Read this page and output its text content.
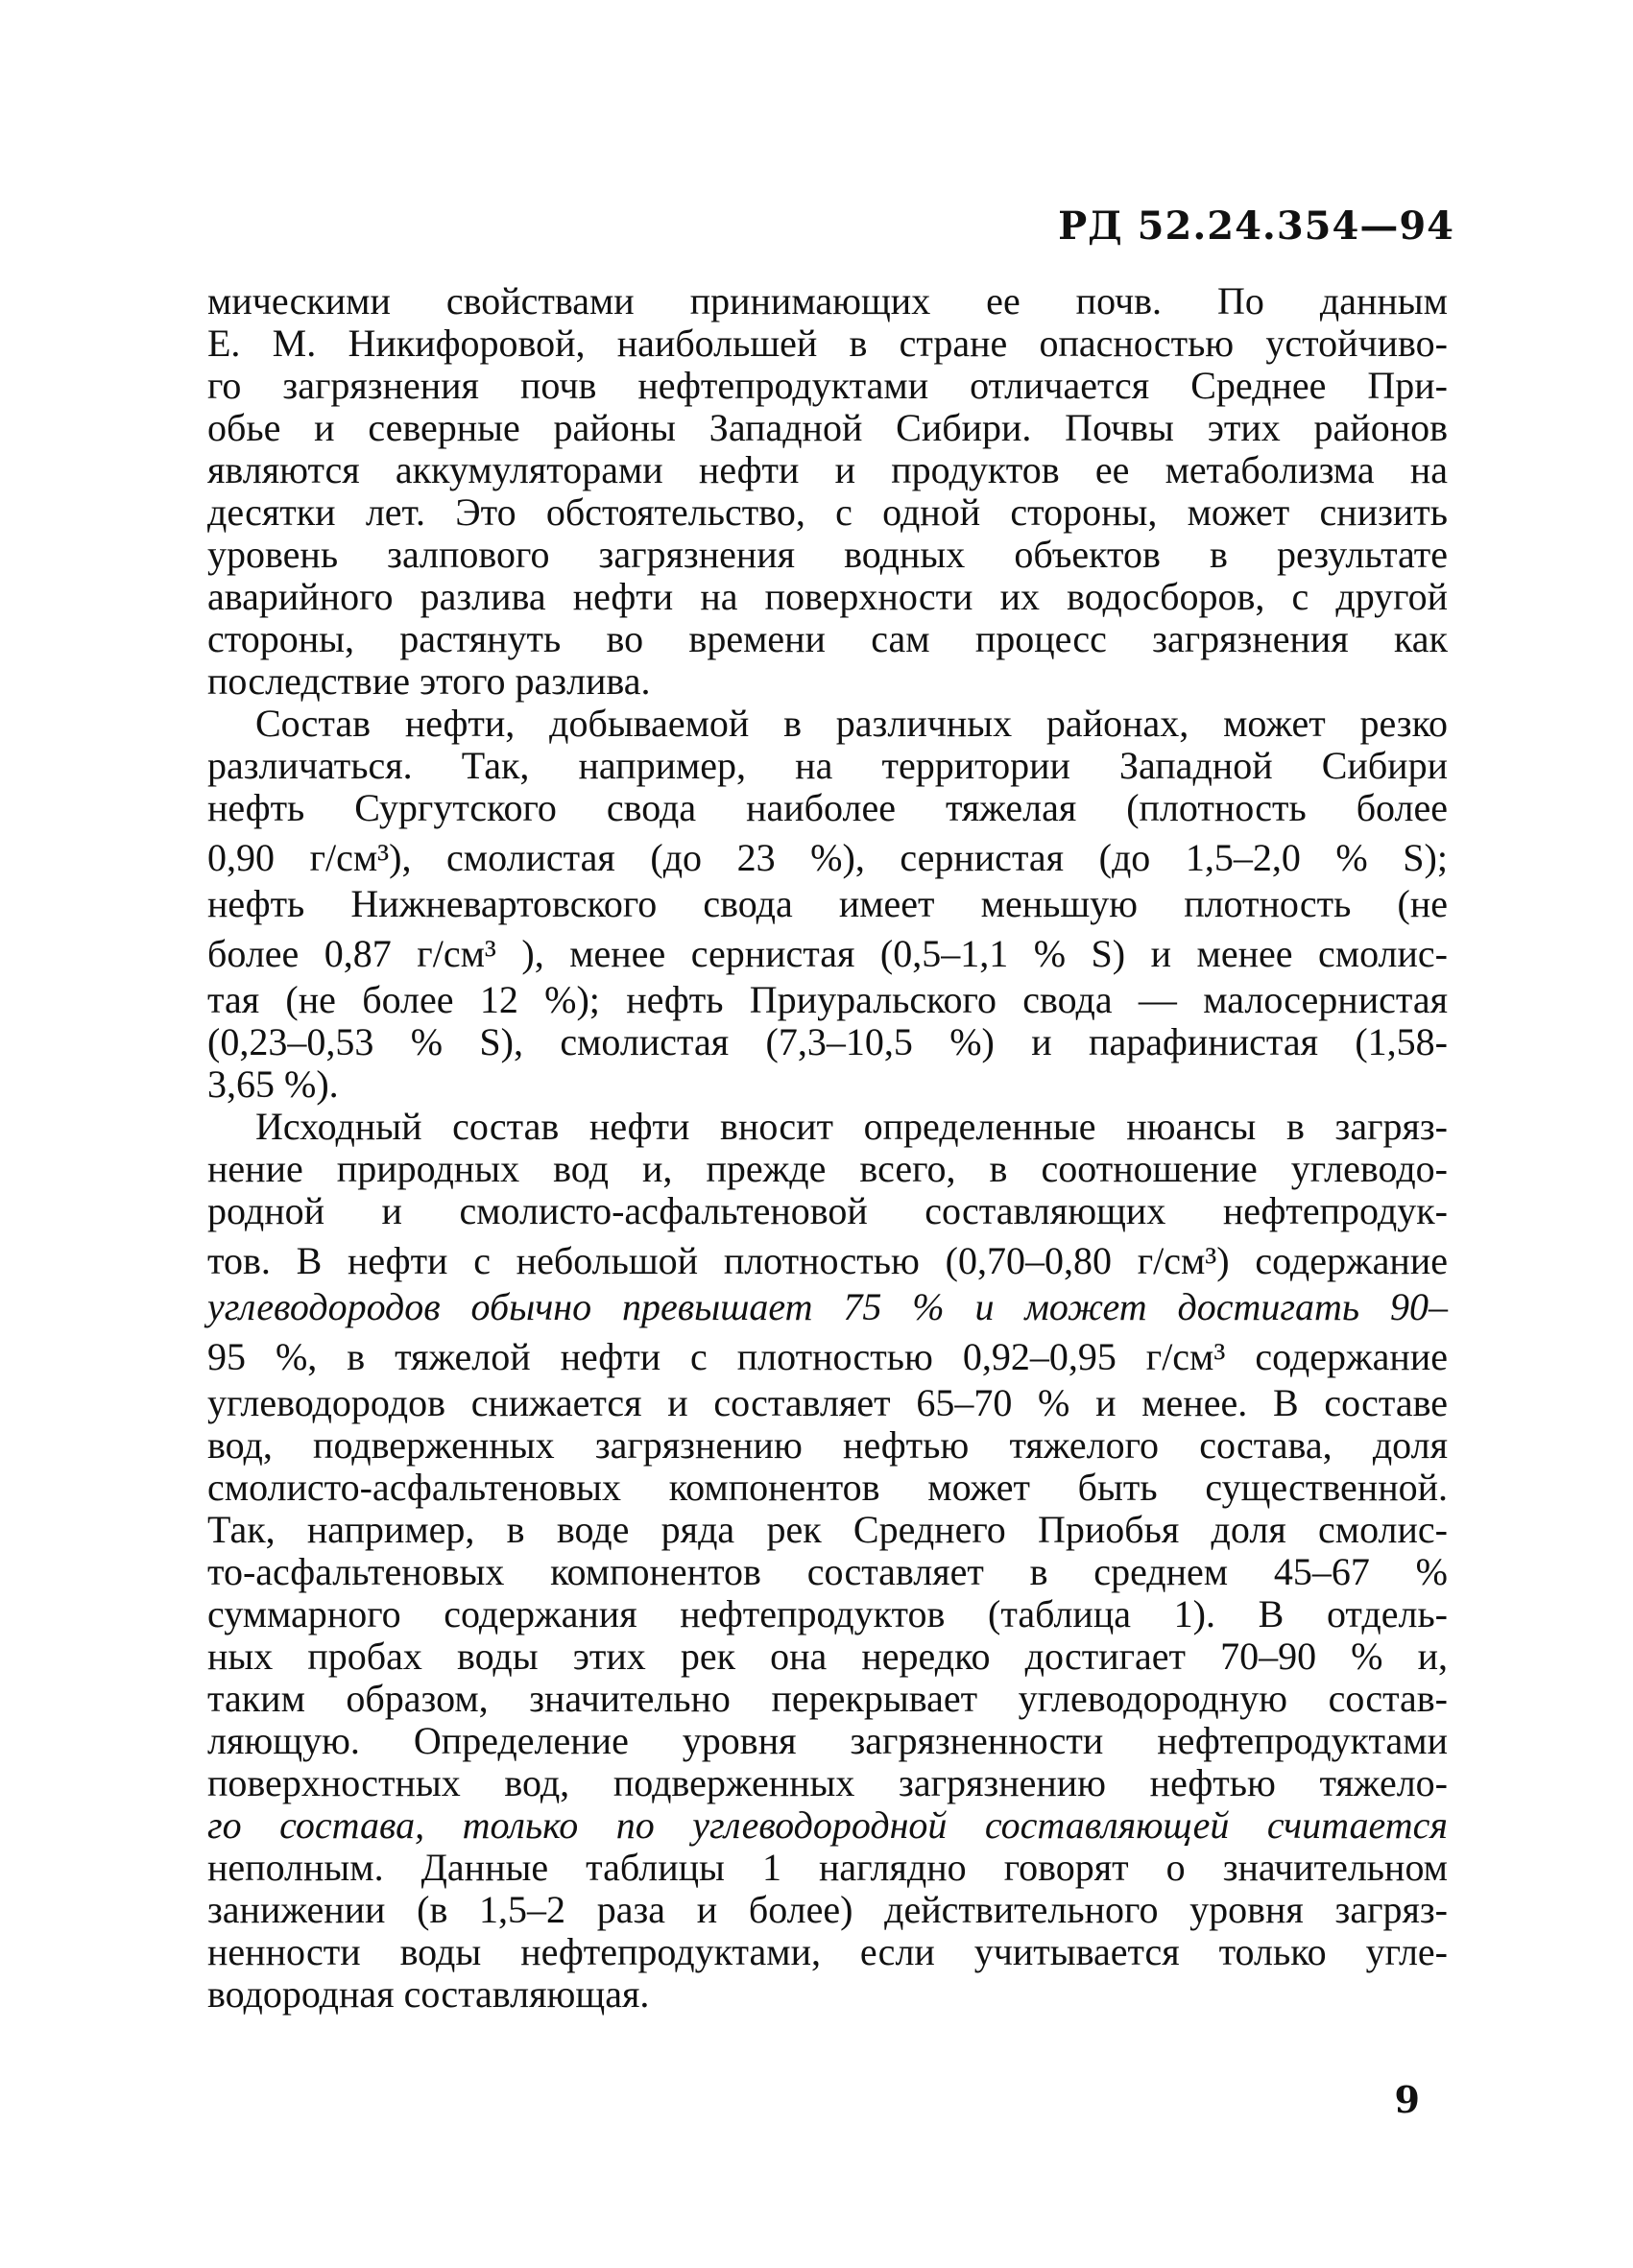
РД 52.24.354—94
мическими свойствами принимающих ее почв. По данным
Е. М. Никифоровой, наибольшей в стране опасностью устойчиво-
го загрязнения почв нефтепродуктами отличается Среднее При-
обье и северные районы Западной Сибири. Почвы этих районов
являются аккумуляторами нефти и продуктов ее метаболизма на
десятки лет. Это обстоятельство, с одной стороны, может снизить
уровень залпового загрязнения водных объектов в результате
аварийного разлива нефти на поверхности их водосборов, с другой
стороны, растянуть во времени сам процесс загрязнения как
последствие этого разлива.
Состав нефти, добываемой в различных районах, может резко
различаться. Так, например, на территории Западной Сибири
нефть Сургутского свода наиболее тяжелая (плотность более
0,90 г/см³), смолистая (до 23 %), сернистая (до 1,5–2,0 % S);
нефть Нижневартовского свода имеет меньшую плотность (не
более 0,87 г/см³ ), менее сернистая (0,5–1,1 % S) и менее смолис-
тая (не более 12 %); нефть Приуральского свода — малосернистая
(0,23–0,53 % S), смолистая (7,3–10,5 %) и парафинистая (1,58-
3,65 %).
Исходный состав нефти вносит определенные нюансы в загряз-
нение природных вод и, прежде всего, в соотношение углеводо-
родной и смолисто-асфальтеновой составляющих нефтепродук-
тов. В нефти с небольшой плотностью (0,70–0,80 г/см³) содержание
углеводородов обычно превышает 75 % и может достигать 90–
95 %, в тяжелой нефти с плотностью 0,92–0,95 г/см³ содержание
углеводородов снижается и составляет 65–70 % и менее. В составе
вод, подверженных загрязнению нефтью тяжелого состава, доля
смолисто-асфальтеновых компонентов может быть существенной.
Так, например, в воде ряда рек Среднего Приобья доля смолис-
то-асфальтеновых компонентов составляет в среднем 45–67 %
суммарного содержания нефтепродуктов (таблица 1). В отдель-
ных пробах воды этих рек она нередко достигает 70–90 % и,
таким образом, значительно перекрывает углеводородную состав-
ляющую. Определение уровня загрязненности нефтепродуктами
поверхностных вод, подверженных загрязнению нефтью тяжело-
го состава, только по углеводородной составляющей считается
неполным. Данные таблицы 1 наглядно говорят о значительном
занижении (в 1,5–2 раза и более) действительного уровня загряз-
ненности воды нефтепродуктами, если учитывается только угле-
водородная составляющая.
9
